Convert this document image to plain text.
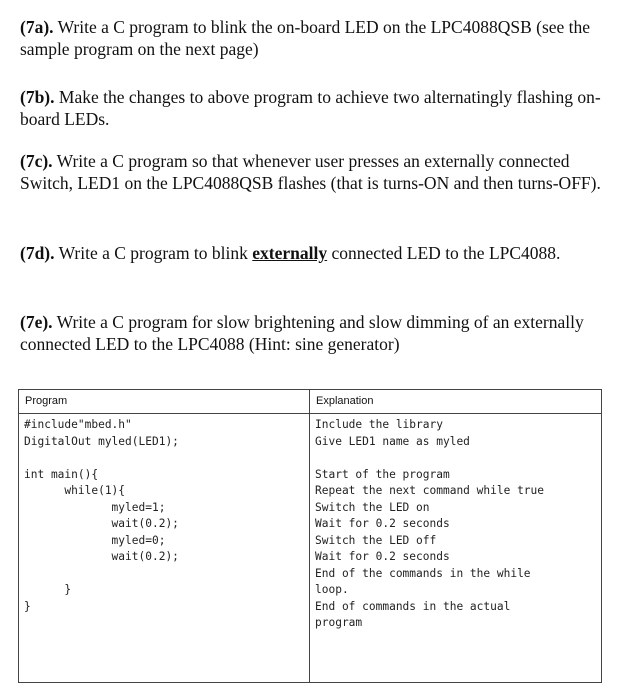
(7a). Write a C program to blink the on-board LED on the LPC4088QSB (see the sample program on the next page)
(7b). Make the changes to above program to achieve two alternatingly flashing on-board LEDs.
(7c). Write a C program so that whenever user presses an externally connected Switch, LED1 on the LPC4088QSB flashes (that is turns-ON and then turns-OFF).
(7d). Write a C program to blink externally connected LED to the LPC4088.
(7e). Write a C program for slow brightening and slow dimming of an externally connected LED to the LPC4088 (Hint: sine generator)
Program	Explanation
#include"mbed.h"
DigitalOut myled(LED1);

int main(){
while(1){
myled=1;
wait(0.2);
myled=0;
wait(0.2);

}
}
Include the library
Give LED1 name as myled

Start of the program
Repeat the next command while true
Switch the LED on
Wait for 0.2 seconds
Switch the LED off
Wait for 0.2 seconds
End of the commands in the while
loop.
End of commands in the actual
program
